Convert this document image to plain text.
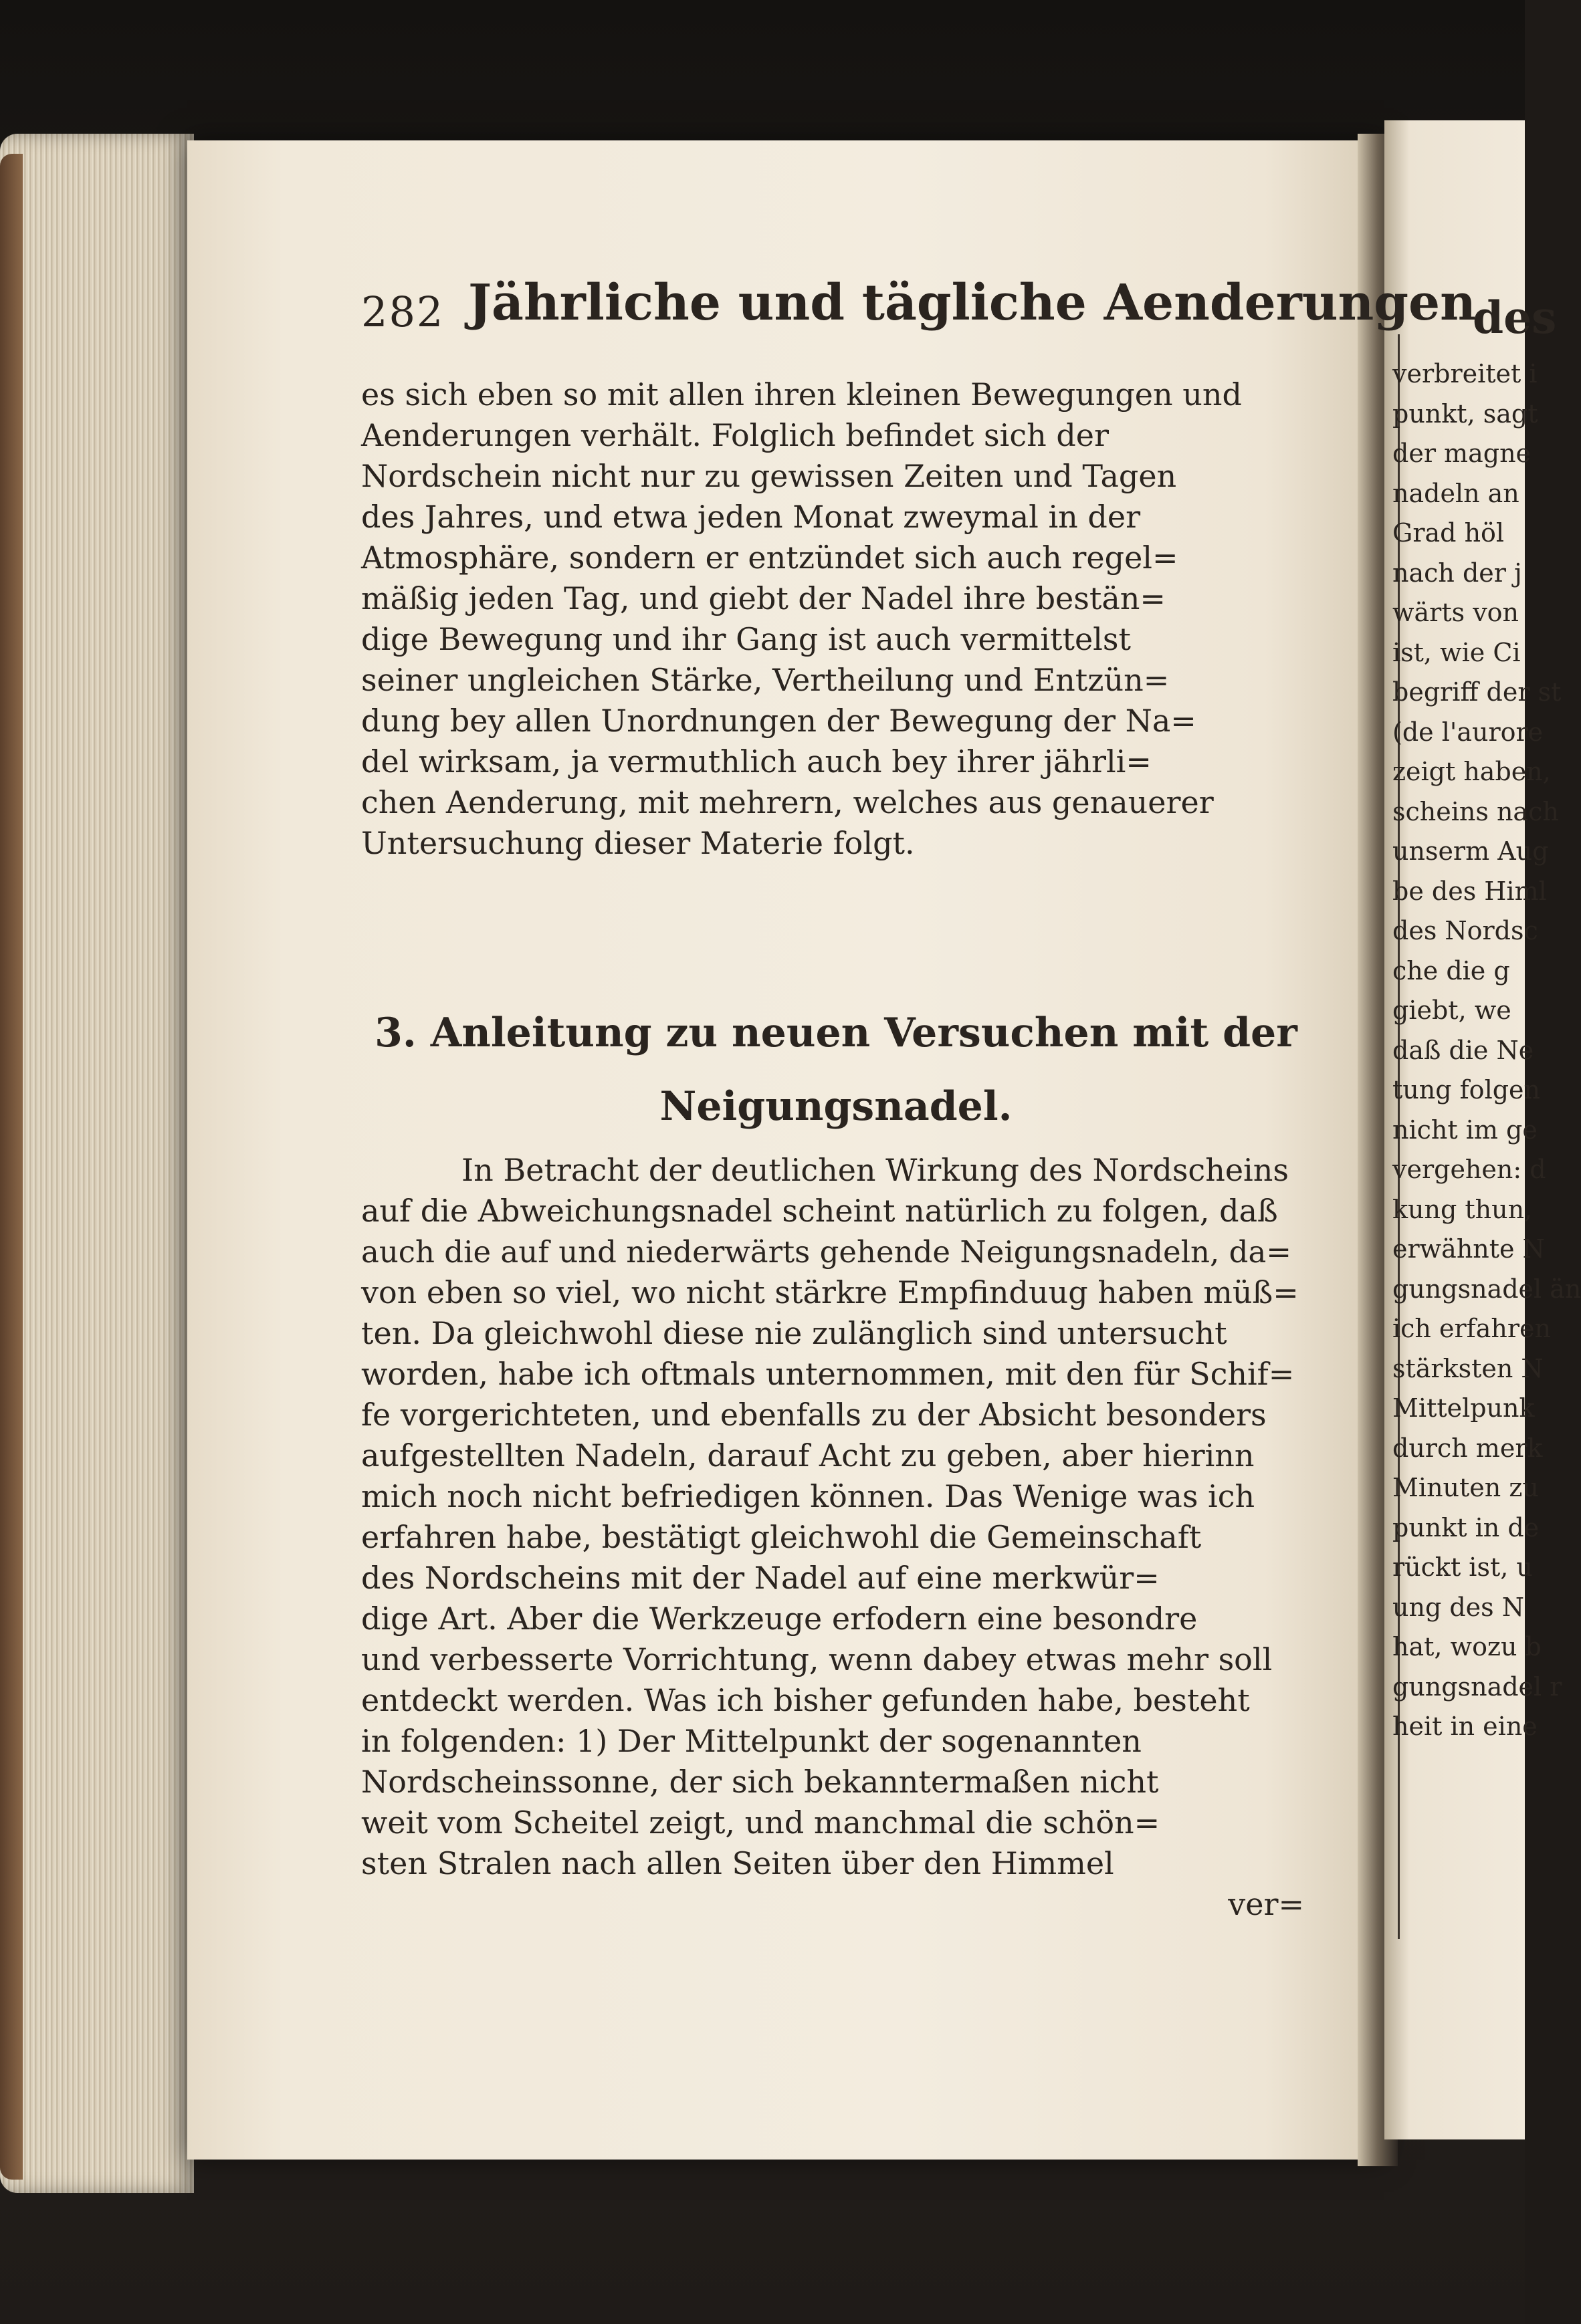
282 Jährliche und tägliche Aenderungen
es sich eben so mit allen ihren kleinen Bewegungen und
Aenderungen verhält. Folglich befindet sich der
Nordschein nicht nur zu gewissen Zeiten und Tagen
des Jahres, und etwa jeden Monat zweymal in der
Atmosphäre, sondern er entzündet sich auch regel=
mäßig jeden Tag, und giebt der Nadel ihre bestän=
dige Bewegung und ihr Gang ist auch vermittelst
seiner ungleichen Stärke, Vertheilung und Entzün=
dung bey allen Unordnungen der Bewegung der Na=
del wirksam, ja vermuthlich auch bey ihrer jährli=
chen Aenderung, mit mehrern, welches aus genauerer
Untersuchung dieser Materie folgt.
3. Anleitung zu neuen Versuchen mit der
Neigungsnadel.
In Betracht der deutlichen Wirkung des Nordscheins
auf die Abweichungsnadel scheint natürlich zu folgen, daß
auch die auf und niederwärts gehende Neigungsnadeln, da=
von eben so viel, wo nicht stärkre Empfinduug haben müß=
ten. Da gleichwohl diese nie zulänglich sind untersucht
worden, habe ich oftmals unternommen, mit den für Schif=
fe vorgerichteten, und ebenfalls zu der Absicht besonders
aufgestellten Nadeln, darauf Acht zu geben, aber hierinn
mich noch nicht befriedigen können. Das Wenige was ich
erfahren habe, bestätigt gleichwohl die Gemeinschaft
des Nordscheins mit der Nadel auf eine merkwür=
dige Art. Aber die Werkzeuge erfodern eine besondre
und verbesserte Vorrichtung, wenn dabey etwas mehr soll
entdeckt werden. Was ich bisher gefunden habe, besteht
in folgenden: 1) Der Mittelpunkt der sogenannten
Nordscheinssonne, der sich bekanntermaßen nicht
weit vom Scheitel zeigt, und manchmal die schön=
sten Stralen nach allen Seiten über den Himmel
ver=
des
verbreitet i
punkt, sagt
der magne
nadeln an
Grad höl
nach der j
wärts von
ist, wie Ci
begriff der st
(de l'aurore
zeigt haben,
scheins nach
unserm Aug
be des Himl
des Nordsc
che die g
giebt, we
daß die Ne
tung folgen
nicht im ge
vergehen: d
kung thun,
erwähnte N
gungsnadel än
ich erfahren
stärksten N
Mittelpunk
durch merk
Minuten zu
punkt in de
rückt ist, u
ung des N
hat, wozu b
gungsnadel r
heit in eine
